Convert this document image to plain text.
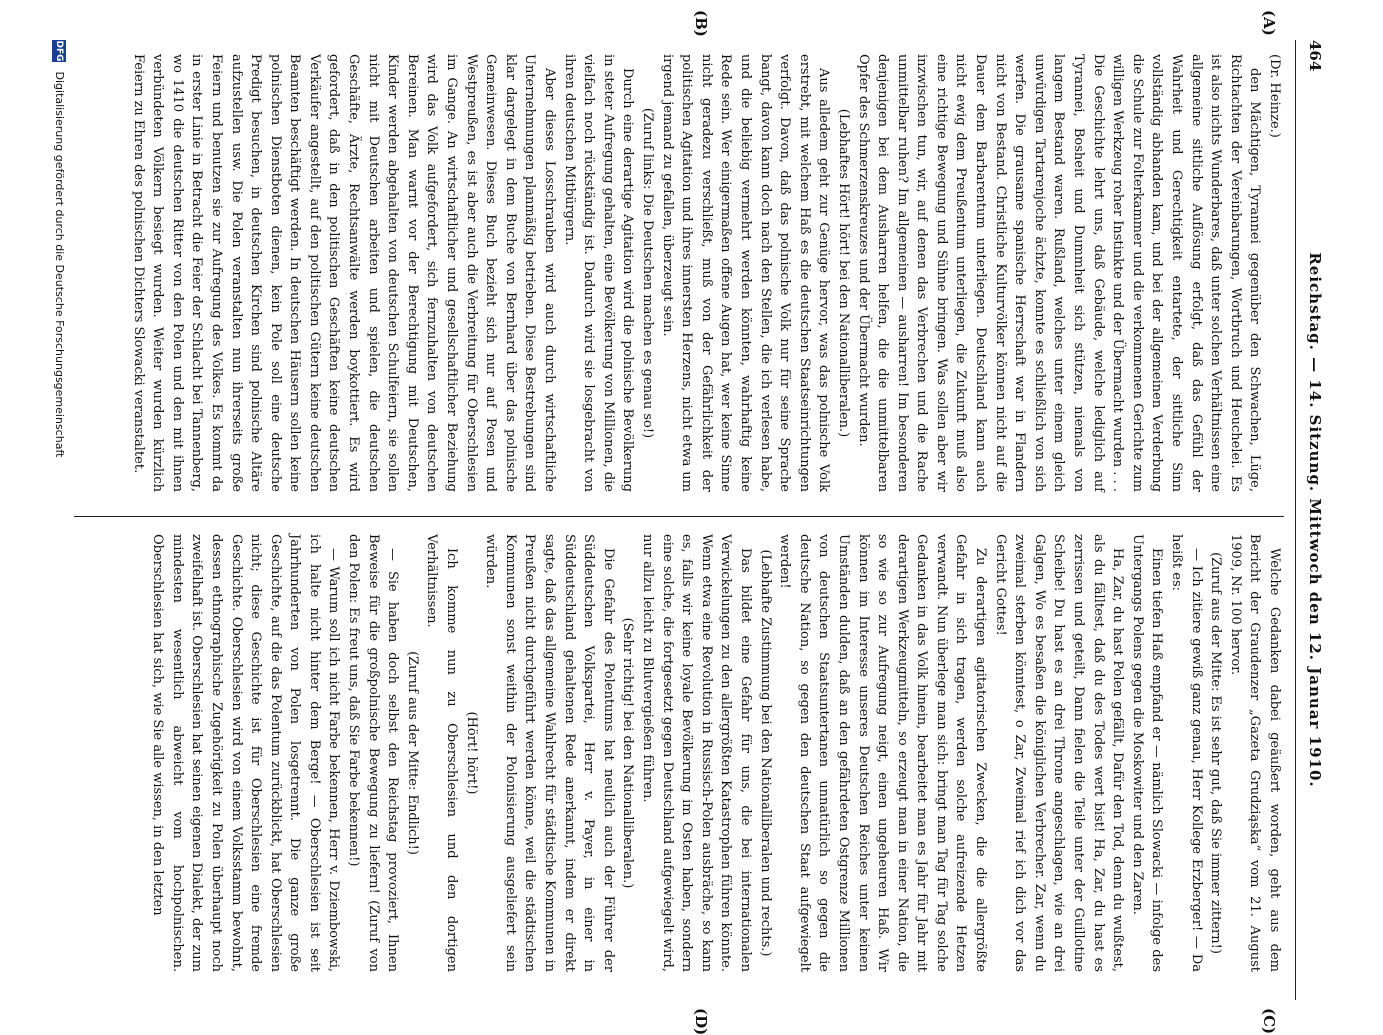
464
Reichstag. — 14. Sitzung. Mittwoch den 12. Januar 1910.
(A)
(B)
(C)
(D)

(Dr. Heinze.)

den Mächtigen, Tyrannei gegenüber den Schwachen, Lüge, Richtachten der Vereinbarungen, Wortbruch und Heuchelei. Es ist also nichts Wunderbares, daß unter solchen Verhältnissen eine allgemeine sittliche Auflösung erfolgt, daß das Gefühl der Wahrheit und Gerechtigkeit entartete, der sittliche Sinn vollständig abhanden kam, und bei der allgemeinen Verderbung die Schule zur Folterkammer und die verkommenen Gerichte zum willigen Werkzeug roher Instinkte und der Übermacht wurden . . . Die Geschichte lehrt uns, daß Gebäude, welche lediglich auf Tyrannei, Bosheit und Dummheit sich stützen, niemals von langem Bestand waren. Rußland, welches unter einem gleich unwürdigen Tartarenjoche ächzte, konnte es schließlich von sich werfen. Die grausame spanische Herrschaft war in Flandern nicht von Bestand. Christliche Kulturvölker können nicht auf die Dauer dem Barbarentum unterliegen. Deutschland kann auch nicht ewig dem Preußentum unterliegen, die Zukunft muß also eine richtige Bewegung und Sühne bringen. Was sollen aber wir inzwischen tun, wir, auf denen das Verbrechen und die Rache unmittelbar ruhen? Im allgemeinen — ausharren! Im besonderen denjenigen bei dem Ausharren helfen, die die unmittelbaren Opfer des Schmerzenskreuzes und der Übermacht wurden.

(Lebhaftes Hört! hört! bei den Nationalliberalen.)

Aus alledem geht zur Genüge hervor, was das polnische Volk erstrebt, mit welchem Haß es die deutschen Staatseinrichtungen verfolgt. Davon, daß das polnische Volk nur für seine Sprache bangt, davon kann doch nach den Stellen, die ich verlesen habe, und die beliebig vermehrt werden könnten, wahrhaftig keine Rede sein. Wer einigermaßen offene Augen hat, wer keine Sinne nicht geradezu verschließt, muß von der Gefährlichkeit der politischen Agitation und ihres innersten Herzens, nicht etwa um irgend jemand zu gefallen, überzeugt sein.

(Zuruf links: Die Deutschen machen es genau so!)

Durch eine derartige Agitation wird die polnische Bevölkerung in steter Aufregung gehalten, eine Bevölkerung von Millionen, die vielfach noch rückständig ist. Dadurch wird sie losgebracht von ihren deutschen Mitbürgern.

Aber dieses Losschrauben wird auch durch wirtschaftliche Unternehmungen planmäßig betrieben. Diese Bestrebungen sind klar dargelegt in dem Buche von Bernhard über das polnische Gemeinwesen. Dieses Buch bezieht sich nur auf Posen und Westpreußen, es ist aber auch die Verbreitung für Oberschlesien im Gange. An wirtschaftlicher und gesellschaftlicher Beziehung wird das Volk aufgefordert, sich fernzuhalten von deutschen Bereinen. Man warnt vor der Berechtigung mit Deutschen, Kinder werden abgehalten von deutschen Schulfeiern, sie sollen nicht mit Deutschen arbeiten und spielen, die deutschen Geschäfte, Ärzte, Rechtsanwälte werden boykottiert. Es wird gefordert, daß in den politischen Geschäften keine deutschen Verkäufer angestellt, auf den politischen Gütern keine deutschen Beamten beschäftigt werden. In deutschen Häusern sollen keine polnischen Dienstboten dienen, kein Pole soll eine deutsche Predigt besuchen, in deutschen Kirchen sind polnische Altäre aufzustellen usw. Die Polen veranstalten nun ihrerseits große Feiern und benutzen sie zur Aufregung des Volkes. Es kommt da in erster Linie in Betracht die Feier der Schlacht bei Tannenberg, wo 1410 die deutschen Ritter von den Polen und den mit ihnen verbündeten Völkern besiegt wurden. Weiter wurden kürzlich Feiern zu Ehren des polnischen Dichters Slowacki veranstaltet.

Welche Gedanken dabei geäußert worden, geht aus dem Bericht der Graudenzer „Gazeta Grudziąska“ vom 21. August 1909, Nr. 100 hervor.

(Zuruf aus der Mitte: Es ist sehr gut, daß Sie immer zittern!)

— Ich zitiere gewiß ganz genau, Herr Kollege Erzberger! — Da heißt es:

Einen tiefen Haß empfand er — nämlich Slowacki — infolge des Untergangs Polens gegen die Moskowiter und den Zaren.

Ha, Zar, du hast Polen gefällt, Dafür den Tod, denn du wußtest, als du fälltest, daß du des Todes wert bist! Ha, Zar, du hast es zerrissen und geteilt, Dann fielen die Teile unter der Guillotine Scheibe! Du hast es an drei Throne angeschlagen, wie an drei Galgen, Wo es besaßen die königlichen Verbrecher. Zar, wenn du zweimal sterben könntest, o Zar, Zweimal rief ich dich vor das Gericht Gottes!

Zu derartigen agitatorischen Zwecken, die die allergrößte Gefahr in sich tragen, werden solche aufreizende Hetzen verwandt. Nun überlege man sich: bringt man Tag für Tag solche Gedanken in das Volk hinein, bearbeitet man es Jahr für Jahr mit derartigen Werkzeugmitteln, so erzeugt man in einer Nation, die so wie so zur Aufregung neigt, einen ungeheuren Haß. Wir können im Interesse unseres Deutschen Reiches unter keinen Umständen dulden, daß an den gefährdeten Ostgrenze Millionen von deutschen Staatsuntertanen unnatürlich so gegen die deutsche Nation, so gegen den deutschen Staat aufgewiegelt werden!

(Lebhafte Zustimmung bei den Nationalliberalen und rechts.)

Das bildet eine Gefahr für uns, die bei internationalen Verwickelungen zu den allergrößten Katastrophen führen könnte. Wenn etwa eine Revolution in Russisch-Polen ausbräche, so kann es, falls wir keine loyale Bevölkerung im Osten haben, sondern eine solche, die fortgesetzt gegen Deutschland aufgewiegelt wird, nur allzu leicht zu Blutvergießen führen.

(Sehr richtig! bei den Nationalliberalen.)

Die Gefahr des Polentums hat neulich auch der Führer der Süddeutschen Volkspartei, Herr v. Payer, in einer in Süddeutschland gehaltenen Rede anerkannt, indem er direkt sagte, daß das allgemeine Wahlrecht für städtische Kommunen in Preußen nicht durchgeführt werden könne, weil die städtischen Kommunen sonst weithin der Polonisierung ausgeliefert sein würden.

(Hört! hört!)

Ich komme nun zu Oberschlesien und den dortigen Verhältnissen.

(Zuruf aus der Mitte: Endlich!)

— Sie haben doch selbst den Reichstag provoziert, Ihnen Beweise für die großpolnische Bewegung zu liefern! (Zuruf von den Polen: Es freut uns, daß Sie Farbe bekennen!)

— Warum soll ich nicht Farbe bekennen, Herr v. Dziembowski, ich halte nicht hinter dem Berge! — Oberschlesien ist seit Jahrhunderten von Polen losgetrennt. Die ganze große Geschichte, auf die das Polentum zurückblickt, hat Oberschlesien nicht; diese Geschichte ist für Oberschlesien eine fremde Geschichte. Oberschlesien wird von einem Volksstamm bewohnt, dessen ethnographische Zugehörigkeit zu Polen überhaupt noch zweifelhaft ist. Oberschlesien hat seinen eigenen Dialekt, der zum mindesten wesentlich abweicht vom hochpolnischen. Oberschlesien hat sich, wie Sie alle wissen, in den letzten

DFG Digitalisierung gefördert durch die Deutsche Forschungsgemeinschaft
